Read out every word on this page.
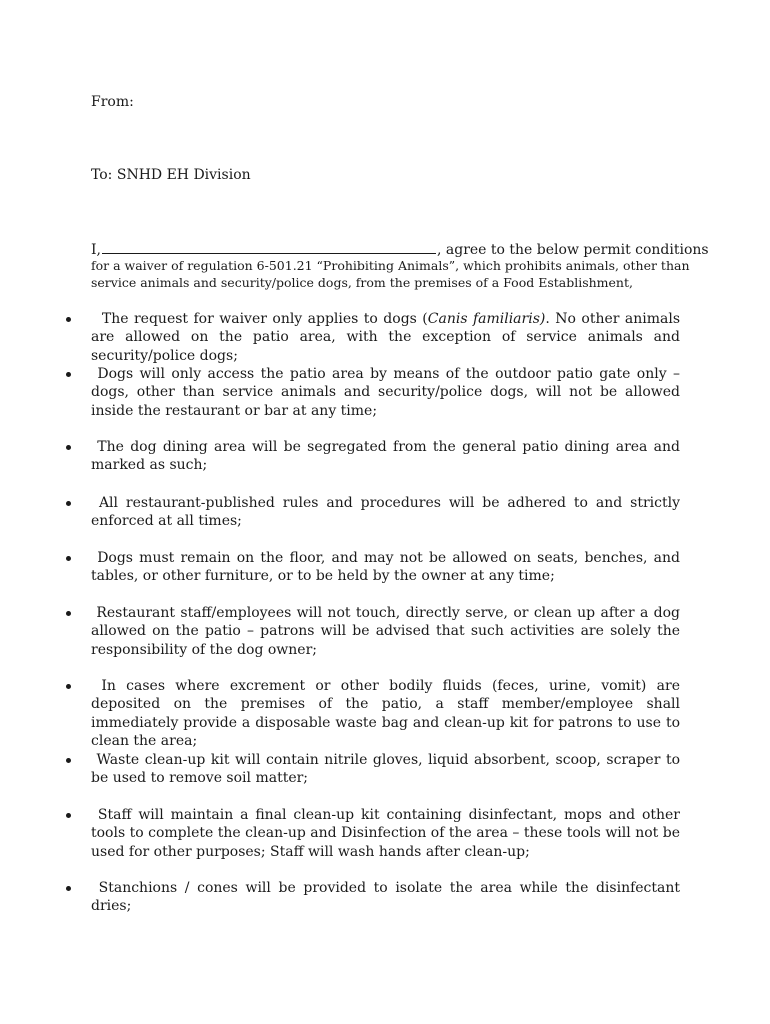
From:
To: SNHD EH Division
I,	, agree to the below permit conditions
for a waiver of regulation 6-501.21 “Prohibiting Animals”, which prohibits animals, other than
service animals and security/police dogs, from the premises of a Food Establishment,
The request for waiver only applies to dogs (Canis familiaris). No other animals are allowed on the patio area, with the exception of service animals and security/police dogs;
Dogs will only access the patio area by means of the outdoor patio gate only – dogs, other than service animals and security/police dogs, will not be allowed inside the restaurant or bar at any time;
The dog dining area will be segregated from the general patio dining area and marked as such;
All restaurant-published rules and procedures will be adhered to and strictly enforced at all times;
Dogs must remain on the floor, and may not be allowed on seats, benches, and tables, or other furniture, or to be held by the owner at any time;
Restaurant staff/employees will not touch, directly serve, or clean up after a dog allowed on the patio – patrons will be advised that such activities are solely the responsibility of the dog owner;
In cases where excrement or other bodily fluids (feces, urine, vomit) are deposited on the premises of the patio, a staff member/employee shall immediately provide a disposable waste bag and clean-up kit for patrons to use to clean the area;
Waste clean-up kit will contain nitrile gloves, liquid absorbent, scoop, scraper to be used to remove soil matter;
Staff will maintain a final clean-up kit containing disinfectant, mops and other tools to complete the clean-up and Disinfection of the area – these tools will not be used for other purposes; Staff will wash hands after clean-up;
Stanchions / cones will be provided to isolate the area while the disinfectant dries;
